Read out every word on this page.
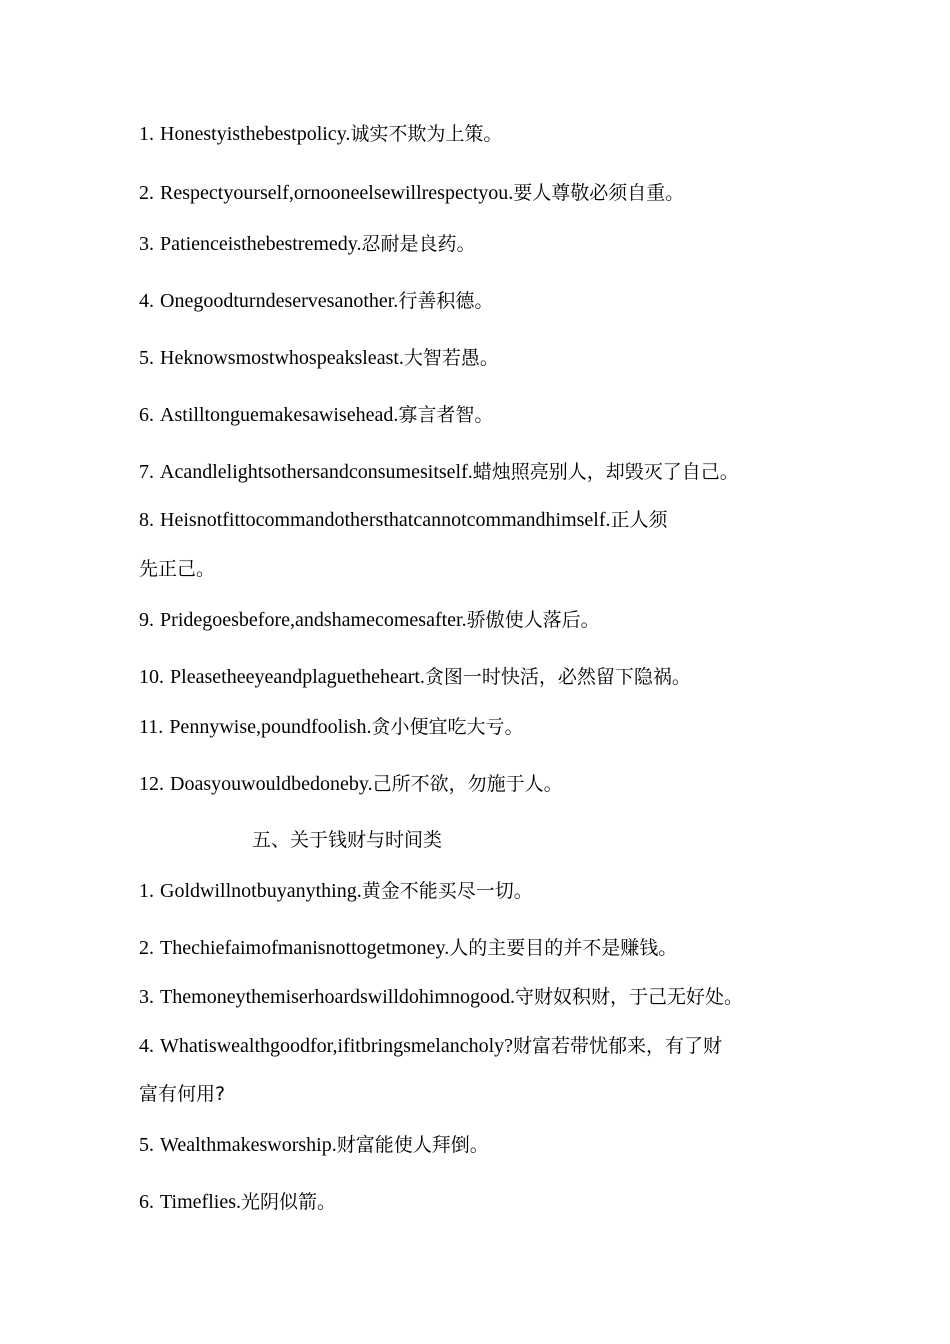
1. Honestyisthebestpolicy.诚实不欺为上策。
2. Respectyourself,ornooneelsewillrespectyou.要人尊敬必须自重。
3. Patienceisthebestremedy.忍耐是良药。
4. Onegoodturndeservesanother.行善积德。
5. Heknowsmostwhospeaksleast.大智若愚。
6. Astilltonguemakesawisehead.寡言者智。
7. Acandlelightsothersandconsumesitself.蜡烛照亮别人，却毁灭了自己。
8. Heisnotfittocommandothersthatcannotcommandhimself.正人须
先正己。
9. Pridegoesbefore,andshamecomesafter.骄傲使人落后。
10. Pleasetheeyeandplaguetheheart.贪图一时快活，必然留下隐祸。
11. Pennywise,poundfoolish.贪小便宜吃大亏。
12. Doasyouwouldbedoneby.己所不欲，勿施于人。
五、关于钱财与时间类
1. Goldwillnotbuyanything.黄金不能买尽一切。
2. Thechiefaimofmanisnottogetmoney.人的主要目的并不是赚钱。
3. Themoneythemiserhoardswilldohimnogood.守财奴积财，于己无好处。
4. Whatiswealthgoodfor,ifitbringsmelancholy?财富若带忧郁来，有了财
富有何用?
5. Wealthmakesworship.财富能使人拜倒。
6. Timeflies.光阴似箭。
